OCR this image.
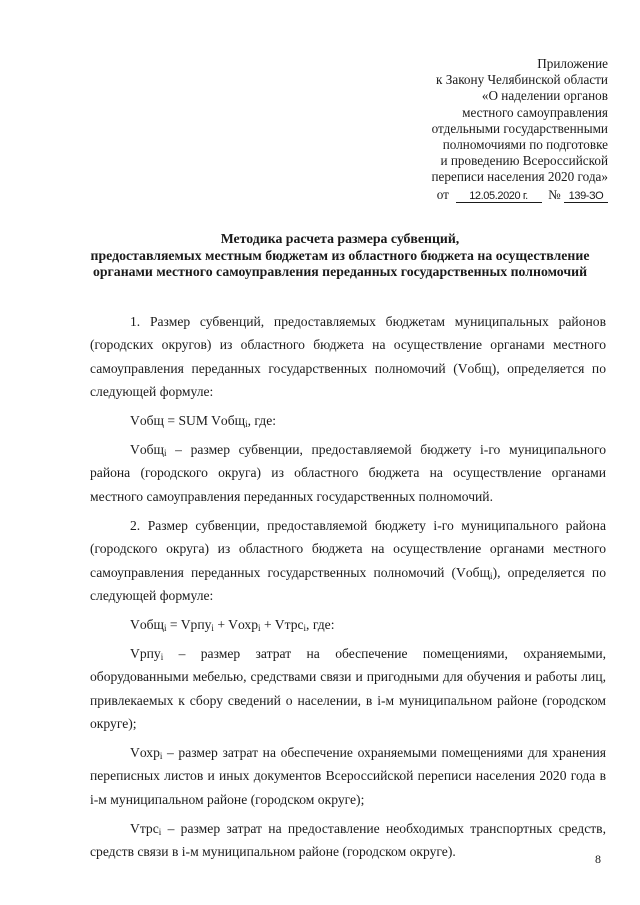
Приложение
к Закону Челябинской области
«О наделении органов
местного самоуправления
отдельными государственными
полномочиями по подготовке
и проведению Всероссийской
переписи населения 2020 года»
от 12.05.2020 г. № 139-ЗО
Методика расчета размера субвенций,
предоставляемых местным бюджетам из областного бюджета на осуществление
органами местного самоуправления переданных государственных полномочий
1. Размер субвенций, предоставляемых бюджетам муниципальных районов (городских округов) из областного бюджета на осуществление органами местного самоуправления переданных государственных полномочий (Vобщ), определяется по следующей формуле:
Vобщ = SUM Vобщ$_i$, где:
Vобщ$_i$ – размер субвенции, предоставляемой бюджету i-го муниципального района (городского округа) из областного бюджета на осуществление органами местного самоуправления переданных государственных полномочий.
2. Размер субвенции, предоставляемой бюджету i-го муниципального района (городского округа) из областного бюджета на осуществление органами местного самоуправления переданных государственных полномочий (Vобщ$_i$), определяется по следующей формуле:
Vобщ$_i$ = Vрпу$_i$ + Vохр$_i$ + Vтрс$_i$, где:
Vрпу$_i$ – размер затрат на обеспечение помещениями, охраняемыми, оборудованными мебелью, средствами связи и пригодными для обучения и работы лиц, привлекаемых к сбору сведений о населении, в i-м муниципальном районе (городском округе);
Vохр$_i$ – размер затрат на обеспечение охраняемыми помещениями для хранения переписных листов и иных документов Всероссийской переписи населения 2020 года в i-м муниципальном районе (городском округе);
Vтрс$_i$ – размер затрат на предоставление необходимых транспортных средств, средств связи в i-м муниципальном районе (городском округе).	8
